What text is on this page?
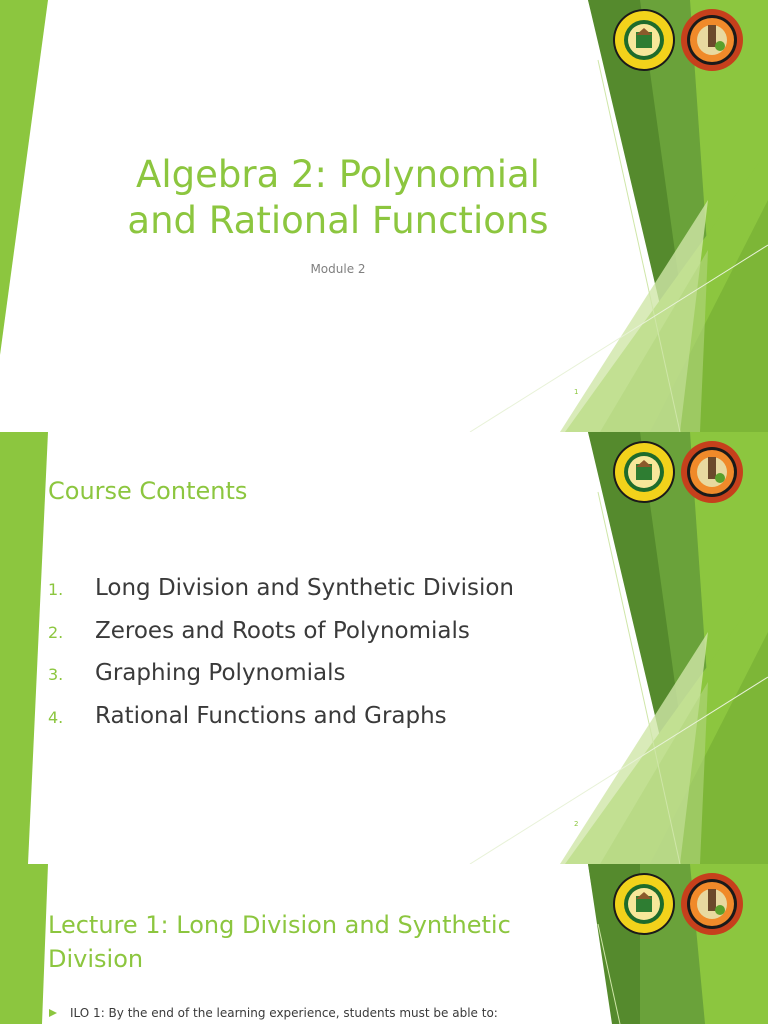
Algebra 2: Polynomial
and Rational Functions
Module 2
1
Course Contents
1.	Long Division and Synthetic Division
2.	Zeroes and Roots of Polynomials
3.	Graphing Polynomials
4.	Rational Functions and Graphs
2
Lecture 1: Long Division and Synthetic
Division
ILO 1: By the end of the learning experience, students must be able to:
